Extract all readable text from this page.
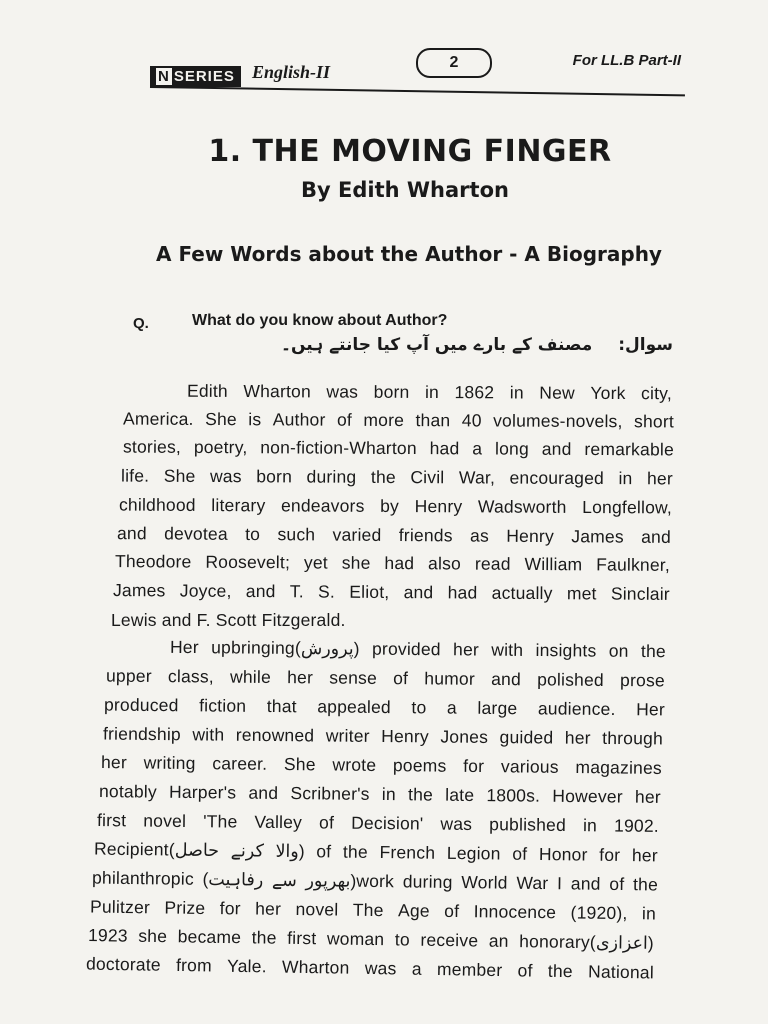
N SERIES English-II	2	For LL.B Part-II
1. THE MOVING FINGER
By Edith Wharton
A Few Words about the Author - A Biography
Q.	What do you know about Author?
سوال:مصنف کے بارے میں آپ کیا جانتے ہیں۔
Edith Wharton was born in 1862 in New York city,
America. She is Author of more than 40 volumes-novels, short
stories, poetry, non-fiction-Wharton had a long and remarkable
life. She was born during the Civil War, encouraged in her
childhood literary endeavors by Henry Wadsworth Longfellow,
and devotea to such varied friends as Henry James and
Theodore Roosevelt; yet she had also read William Faulkner,
James Joyce, and T. S. Eliot, and had actually met Sinclair
Lewis and F. Scott Fitzgerald.
Her upbringing(پرورش) provided her with insights on the
upper class, while her sense of humor and polished prose
produced fiction that appealed to a large audience. Her
friendship with renowned writer Henry Jones guided her through
her writing career. She wrote poems for various magazines
notably Harper's and Scribner's in the late 1800s. However her
first novel 'The Valley of Decision' was published in 1902.
Recipient(حاصل کرنے والا) of the French Legion of Honor for her
philanthropic (رفاہیت سے بھرپور)work during World War I and of the
Pulitzer Prize for her novel The Age of Innocence (1920), in
1923 she became the first woman to receive an honorary(اعزازی)
doctorate from Yale. Wharton was a member of the National
